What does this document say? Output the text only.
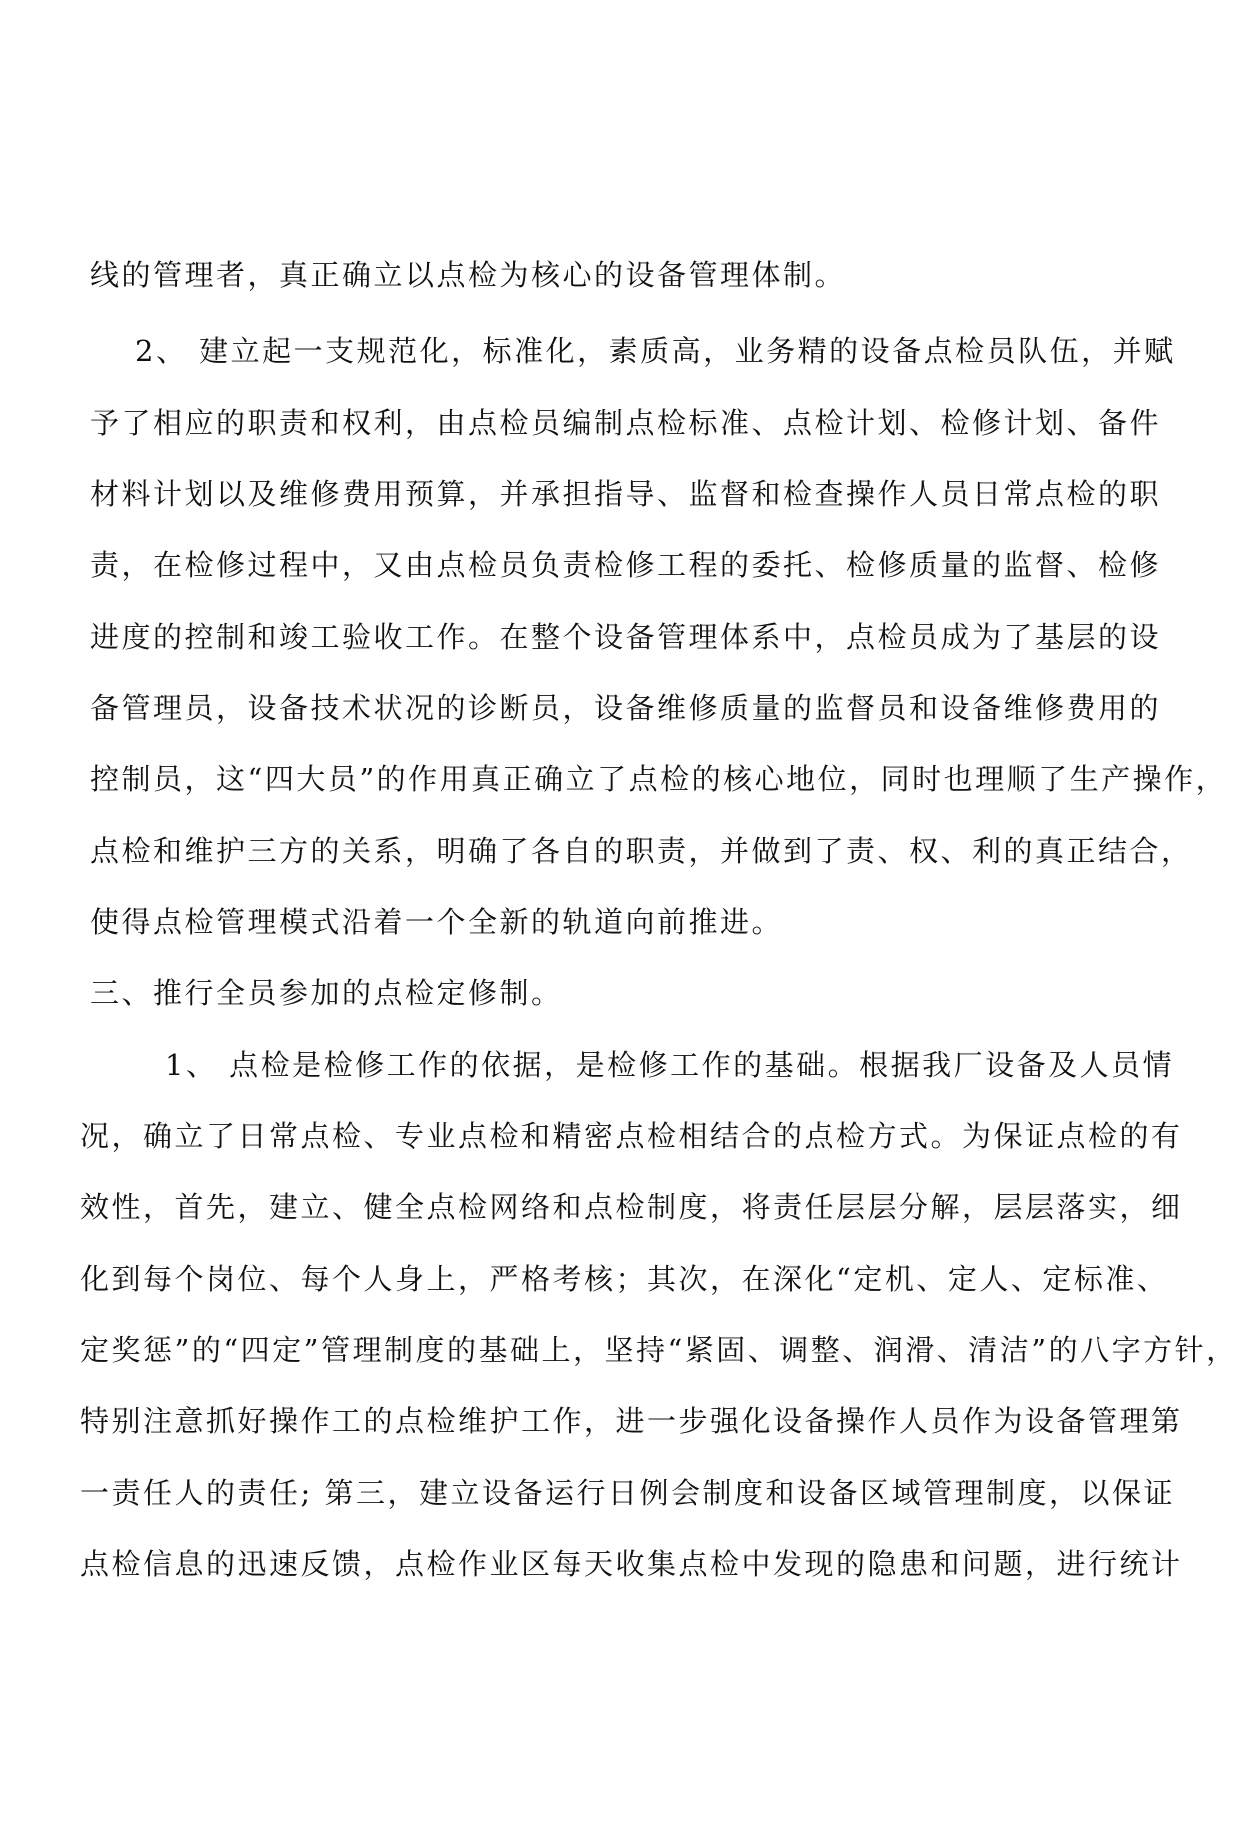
线的管理者，真正确立以点检为核心的设备管理体制。
2、 建立起一支规范化，标准化，素质高，业务精的设备点检员队伍，并赋
予了相应的职责和权利，由点检员编制点检标准、点检计划、检修计划、备件
材料计划以及维修费用预算，并承担指导、监督和检查操作人员日常点检的职
责，在检修过程中，又由点检员负责检修工程的委托、检修质量的监督、检修
进度的控制和竣工验收工作。在整个设备管理体系中，点检员成为了基层的设
备管理员，设备技术状况的诊断员，设备维修质量的监督员和设备维修费用的
控制员，这“四大员”的作用真正确立了点检的核心地位，同时也理顺了生产操作，
点检和维护三方的关系，明确了各自的职责，并做到了责、权、利的真正结合，
使得点检管理模式沿着一个全新的轨道向前推进。
三、推行全员参加的点检定修制。
1、 点检是检修工作的依据，是检修工作的基础。根据我厂设备及人员情
况，确立了日常点检、专业点检和精密点检相结合的点检方式。为保证点检的有
效性，首先，建立、健全点检网络和点检制度，将责任层层分解，层层落实，细
化到每个岗位、每个人身上，严格考核；其次，在深化“定机、定人、定标准、
定奖惩”的“四定”管理制度的基础上，坚持“紧固、调整、润滑、清洁”的八字方针，
特别注意抓好操作工的点检维护工作，进一步强化设备操作人员作为设备管理第
一责任人的责任; 第三，建立设备运行日例会制度和设备区域管理制度，以保证
点检信息的迅速反馈，点检作业区每天收集点检中发现的隐患和问题，进行统计
